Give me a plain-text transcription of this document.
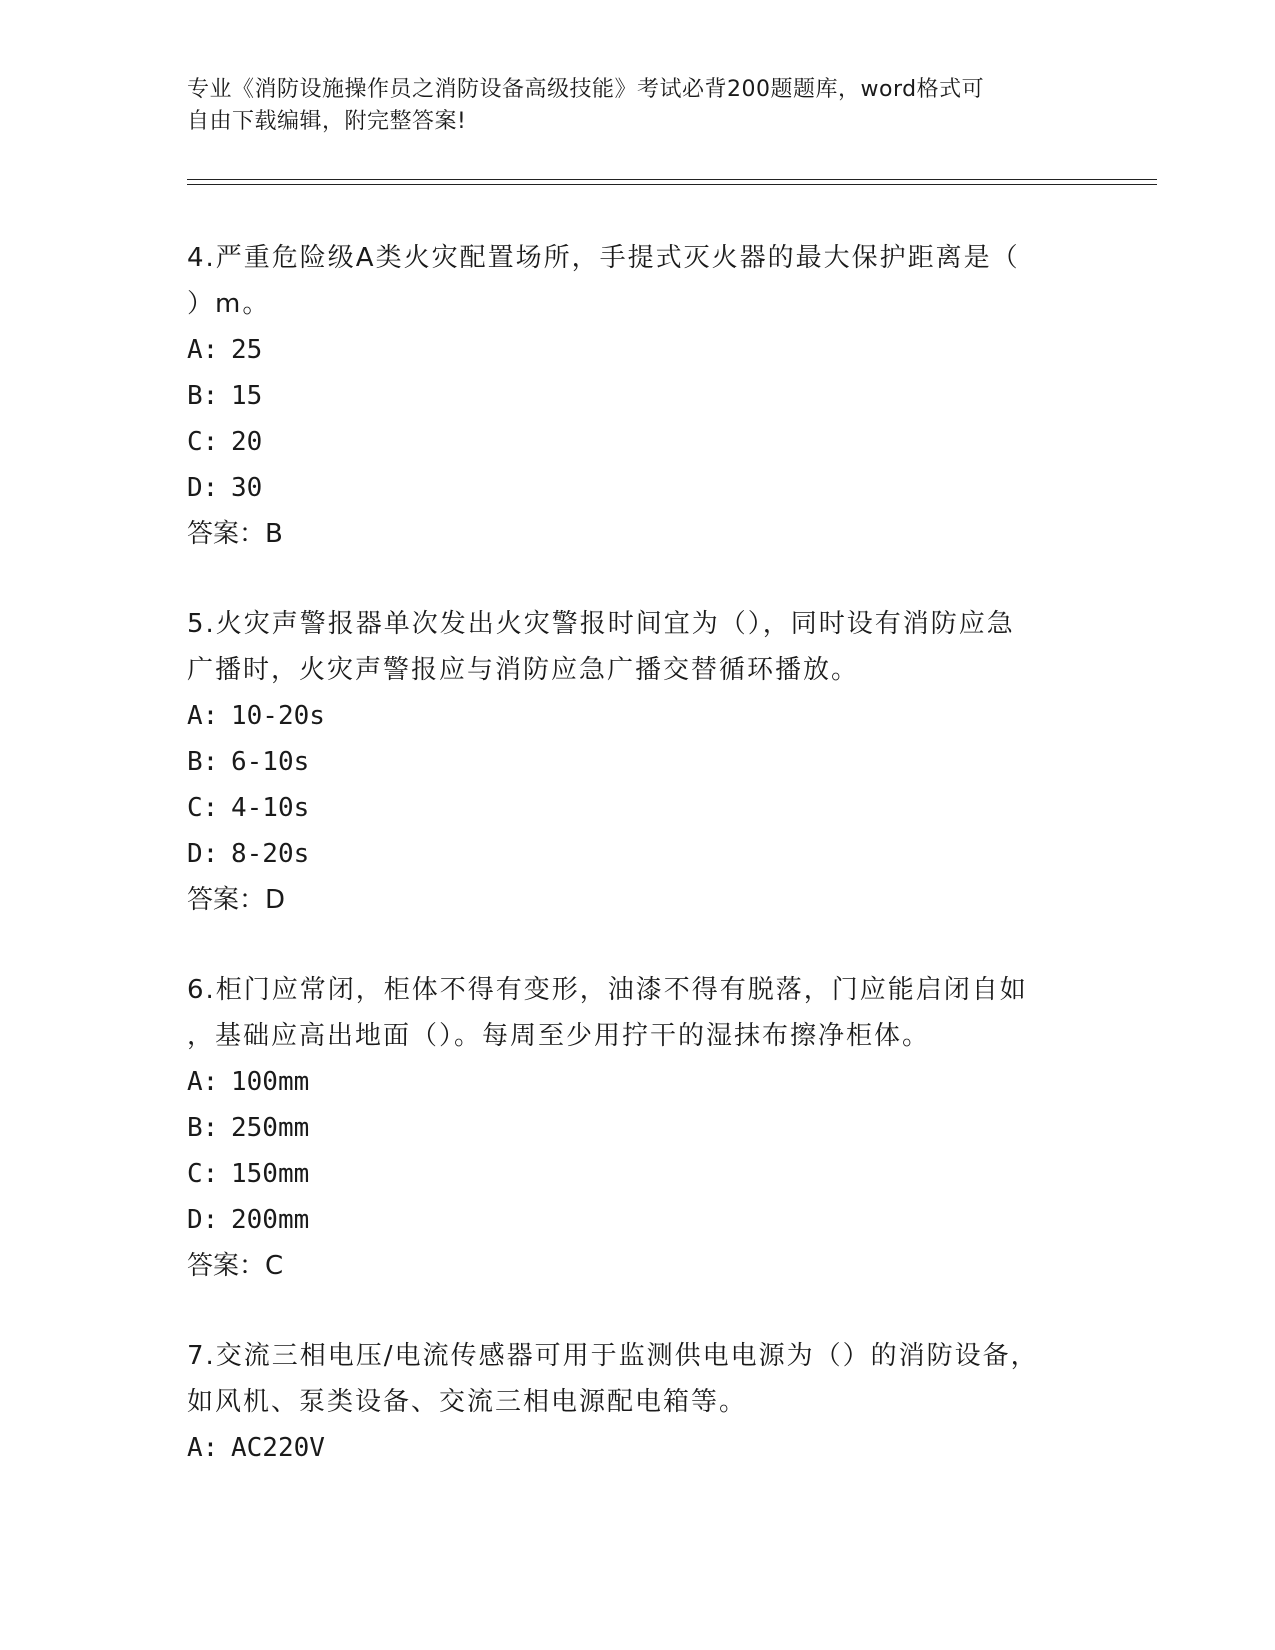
专业《消防设施操作员之消防设备高级技能》考试必背200题题库，word格式可
自由下载编辑，附完整答案!

4.严重危险级A类火灾配置场所，手提式灭火器的最大保护距离是（

）m。

A: 25

B: 15

C: 20

D: 30

答案：B

5.火灾声警报器单次发出火灾警报时间宜为（），同时设有消防应急

广播时，火灾声警报应与消防应急广播交替循环播放。

A: 10-20s

B: 6-10s

C: 4-10s

D: 8-20s

答案：D

6.柜门应常闭，柜体不得有变形，油漆不得有脱落，门应能启闭自如

，基础应高出地面（）。每周至少用拧干的湿抹布擦净柜体。

A: 100mm

B: 250mm

C: 150mm

D: 200mm

答案：C

7.交流三相电压/电流传感器可用于监测供电电源为（）的消防设备，

如风机、泵类设备、交流三相电源配电箱等。

A: AC220V
